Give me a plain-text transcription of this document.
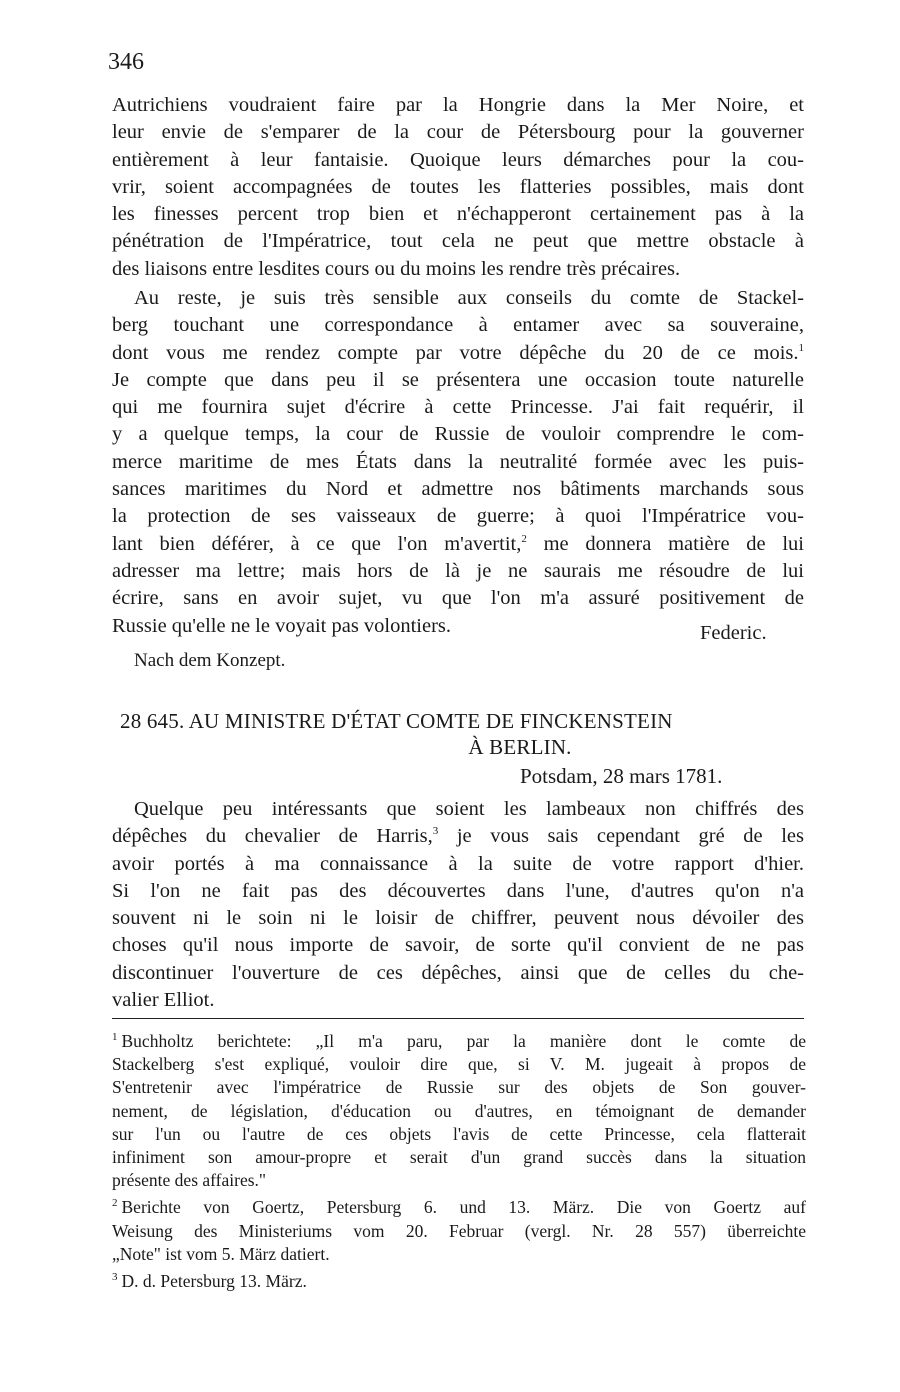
346
Autrichiens voudraient faire par la Hongrie dans la Mer Noire, et
leur envie de s'emparer de la cour de Pétersbourg pour la gouverner
entièrement à leur fantaisie. Quoique leurs démarches pour la cou-
vrir, soient accompagnées de toutes les flatteries possibles, mais dont
les finesses percent trop bien et n'échapperont certainement pas à la
pénétration de l'Impératrice, tout cela ne peut que mettre obstacle à
des liaisons entre lesdites cours ou du moins les rendre très précaires.
Au reste, je suis très sensible aux conseils du comte de Stackel-
berg touchant une correspondance à entamer avec sa souveraine,
dont vous me rendez compte par votre dépêche du 20 de ce mois.$^1$
Je compte que dans peu il se présentera une occasion toute naturelle
qui me fournira sujet d'écrire à cette Princesse. J'ai fait requérir, il
y a quelque temps, la cour de Russie de vouloir comprendre le com-
merce maritime de mes États dans la neutralité formée avec les puis-
sances maritimes du Nord et admettre nos bâtiments marchands sous
la protection de ses vaisseaux de guerre; à quoi l'Impératrice vou-
lant bien déférer, à ce que l'on m'avertit,$^2$ me donnera matière de lui
adresser ma lettre; mais hors de là je ne saurais me résoudre de lui
écrire, sans en avoir sujet, vu que l'on m'a assuré positivement de
Russie qu'elle ne le voyait pas volontiers.	Federic.
Nach dem Konzept.
28 645. AU MINISTRE D'ÉTAT COMTE DE FINCKENSTEIN
À BERLIN.
Potsdam, 28 mars 1781.
Quelque peu intéressants que soient les lambeaux non chiffrés des
dépêches du chevalier de Harris,$^3$ je vous sais cependant gré de les
avoir portés à ma connaissance à la suite de votre rapport d'hier.
Si l'on ne fait pas des découvertes dans l'une, d'autres qu'on n'a
souvent ni le soin ni le loisir de chiffrer, peuvent nous dévoiler des
choses qu'il nous importe de savoir, de sorte qu'il convient de ne pas
discontinuer l'ouverture de ces dépêches, ainsi que de celles du che-
valier Elliot.
$^1$ Buchholtz berichtete: „Il m'a paru, par la manière dont le comte de
Stackelberg s'est expliqué, vouloir dire que, si V. M. jugeait à propos de
S'entretenir avec l'impératrice de Russie sur des objets de Son gouver-
nement, de législation, d'éducation ou d'autres, en témoignant de demander
sur l'un ou l'autre de ces objets l'avis de cette Princesse, cela flatterait
infiniment son amour-propre et serait d'un grand succès dans la situation
présente des affaires."
$^2$ Berichte von Goertz, Petersburg 6. und 13. März. Die von Goertz auf
Weisung des Ministeriums vom 20. Februar (vergl. Nr. 28 557) überreichte
„Note" ist vom 5. März datiert.
$^3$ D. d. Petersburg 13. März.
